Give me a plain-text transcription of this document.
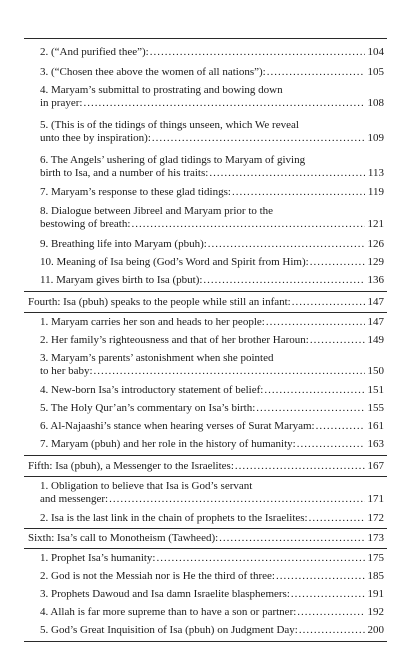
2. (“And purified thee”): .....	104
3. (“Chosen thee above the women of all nations”): .....	105
4. Maryam’s submittal to prostrating and bowing down
in prayer: .....	108
5. (This is of the tidings of things unseen, which We reveal
unto thee by inspiration): .....	109
6. The Angels’ ushering of glad tidings to Maryam of giving
birth to Isa, and a number of his traits: .....	113
7. Maryam’s response to these glad tidings: .....	119
8. Dialogue between Jibreel and Maryam prior to the
bestowing of breath: .....	121
9. Breathing life into Maryam (pbuh): .....	126
10. Meaning of Isa being (God’s Word and Spirit from Him): .....	129
11. Maryam gives birth to Isa (pbut): .....	136
Fourth: Isa (pbuh) speaks to the people while still an infant: .....	147
1. Maryam carries her son and heads to her people: .....	147
2. Her family’s righteousness and that of her brother Haroun: .....	149
3. Maryam’s parents’ astonishment when she pointed
to her baby: .....	150
4. New-born Isa’s introductory statement of belief: .....	151
5. The Holy Qur’an’s commentary on Isa’s birth: .....	155
6. Al-Najaashi’s stance when hearing verses of Surat Maryam: .....	161
7. Maryam (pbuh) and her role in the history of humanity: .....	163
Fifth: Isa (pbuh), a Messenger to the Israelites: .....	167
1. Obligation to believe that Isa is God’s servant
and messenger: .....	171
2. Isa is the last link in the chain of prophets to the Israelites: .....	172
Sixth: Isa’s call to Monotheism (Tawheed): .....	173
1. Prophet Isa’s humanity: .....	175
2. God is not the Messiah nor is He the third of three: .....	185
3. Prophets Dawoud and Isa damn Israelite blasphemers: .....	191
4. Allah is far more supreme than to have a son or partner: .....	192
5. God’s Great Inquisition of Isa (pbuh) on Judgment Day: .....	200
